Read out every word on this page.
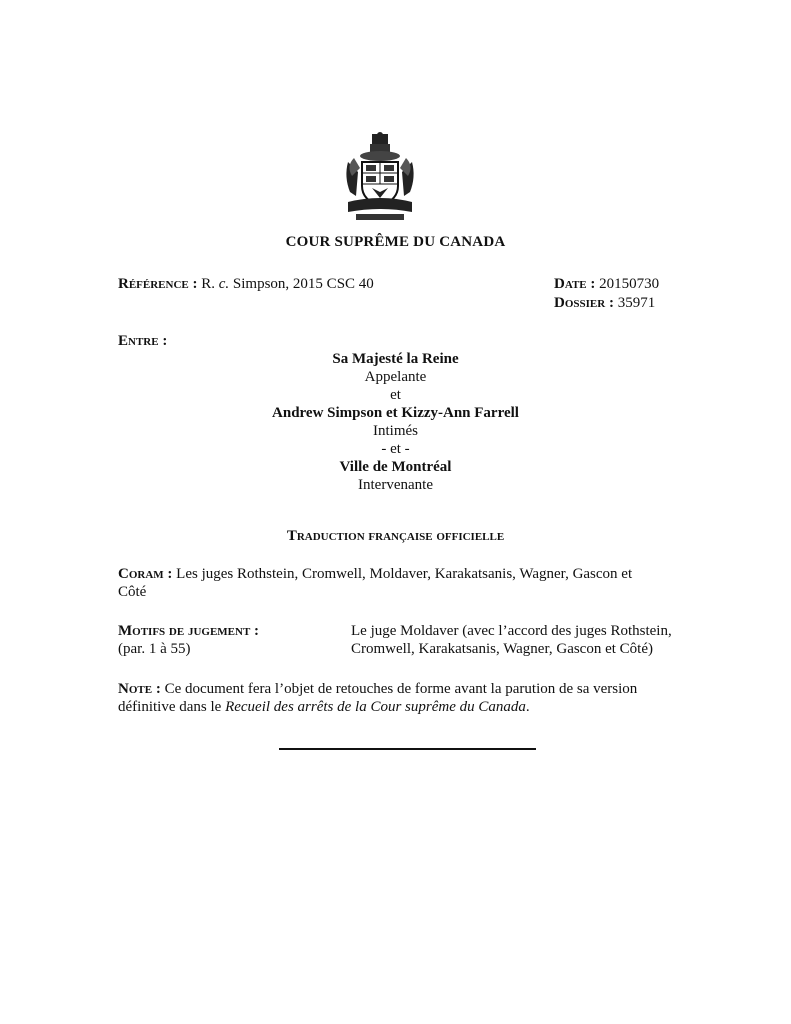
COUR SUPRÊME DU CANADA
Référence : R. c. Simpson, 2015 CSC 40	Date : 20150730
Dossier : 35971
Entre :
Sa Majesté la Reine
Appelante
et
Andrew Simpson et Kizzy-Ann Farrell
Intimés
- et -
Ville de Montréal
Intervenante
Traduction française officielle
Coram : Les juges Rothstein, Cromwell, Moldaver, Karakatsanis, Wagner, Gascon et Côté
Motifs de jugement :
(par. 1 à 55)
Le juge Moldaver (avec l’accord des juges Rothstein, Cromwell, Karakatsanis, Wagner, Gascon et Côté)
Note : Ce document fera l’objet de retouches de forme avant la parution de sa version définitive dans le Recueil des arrêts de la Cour suprême du Canada.
